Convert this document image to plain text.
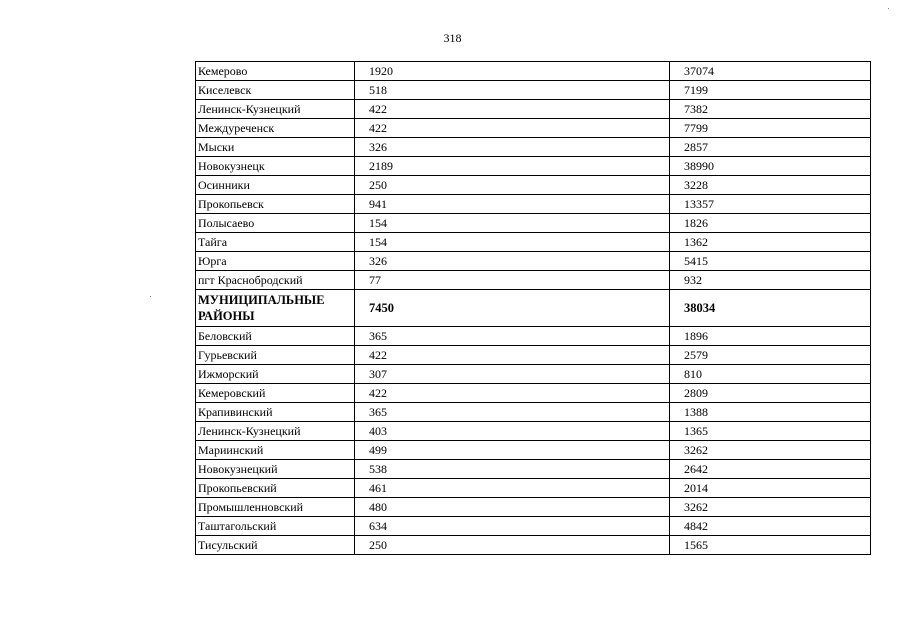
318
Кемерово	1920	37074
Киселевск	518	7199
Ленинск-Кузнецкий	422	7382
Междуреченск	422	7799
Мыски	326	2857
Новокузнецк	2189	38990
Осинники	250	3228
Прокопьевск	941	13357
Полысаево	154	1826
Тайга	154	1362
Юрга	326	5415
пгт Краснобродский	77	932
МУНИЦИПАЛЬНЫЕ РАЙОНЫ	7450	38034
Беловский	365	1896
Гурьевский	422	2579
Ижморский	307	810
Кемеровский	422	2809
Крапивинский	365	1388
Ленинск-Кузнецкий	403	1365
Мариинский	499	3262
Новокузнецкий	538	2642
Прокопьевский	461	2014
Промышленновский	480	3262
Таштагольский	634	4842
Тисульский	250	1565
